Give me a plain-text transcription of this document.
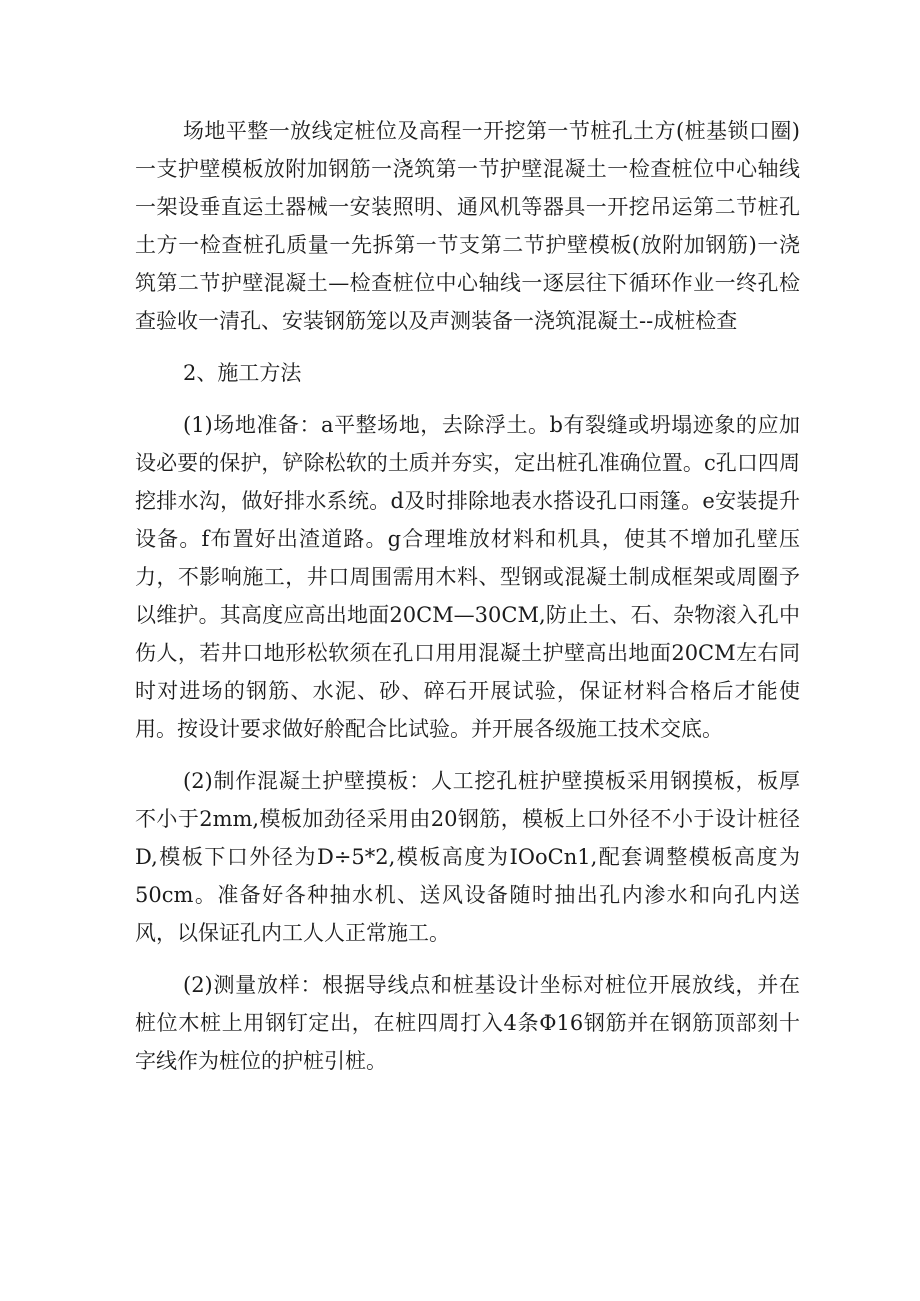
场地平整一放线定桩位及高程一开挖第一节桩孔土方(桩基锁口圈)一支护壁模板放附加钢筋一浇筑第一节护壁混凝土一检查桩位中心轴线一架设垂直运土器械一安装照明、通风机等器具一开挖吊运第二节桩孔土方一检查桩孔质量一先拆第一节支第二节护壁模板(放附加钢筋)一浇筑第二节护壁混凝土—检查桩位中心轴线一逐层往下循环作业一终孔检查验收一清孔、安装钢筋笼以及声测装备一浇筑混凝土--成桩检查

2、施工方法

(1)场地准备：a平整场地，去除浮土。b有裂缝或坍塌迹象的应加设必要的保护，铲除松软的土质并夯实，定出桩孔准确位置。c孔口四周挖排水沟，做好排水系统。d及时排除地表水搭设孔口雨篷。e安装提升设备。f布置好出渣道路。g合理堆放材料和机具，使其不增加孔壁压力，不影响施工，井口周围需用木料、型钢或混凝土制成框架或周圈予以维护。其高度应高出地面20CM—30CM,防止土、石、杂物滚入孔中伤人，若井口地形松软须在孔口用用混凝土护壁高出地面20CM左右同时对进场的钢筋、水泥、砂、碎石开展试验，保证材料合格后才能使用。按设计要求做好舲配合比试验。并开展各级施工技术交底。

(2)制作混凝土护壁摸板：人工挖孔桩护壁摸板采用钢摸板，板厚不小于2mm,模板加劲径采用由20钢筋，模板上口外径不小于设计桩径D,模板下口外径为D÷5*2,模板高度为IOoCn1,配套调整模板高度为50cm。准备好各种抽水机、送风设备随时抽出孔内渗水和向孔内送风，以保证孔内工人人正常施工。

(2)测量放样：根据导线点和桩基设计坐标对桩位开展放线，并在桩位木桩上用钢钉定出，在桩四周打入4条Φ16钢筋并在钢筋顶部刻十字线作为桩位的护桩引桩。
